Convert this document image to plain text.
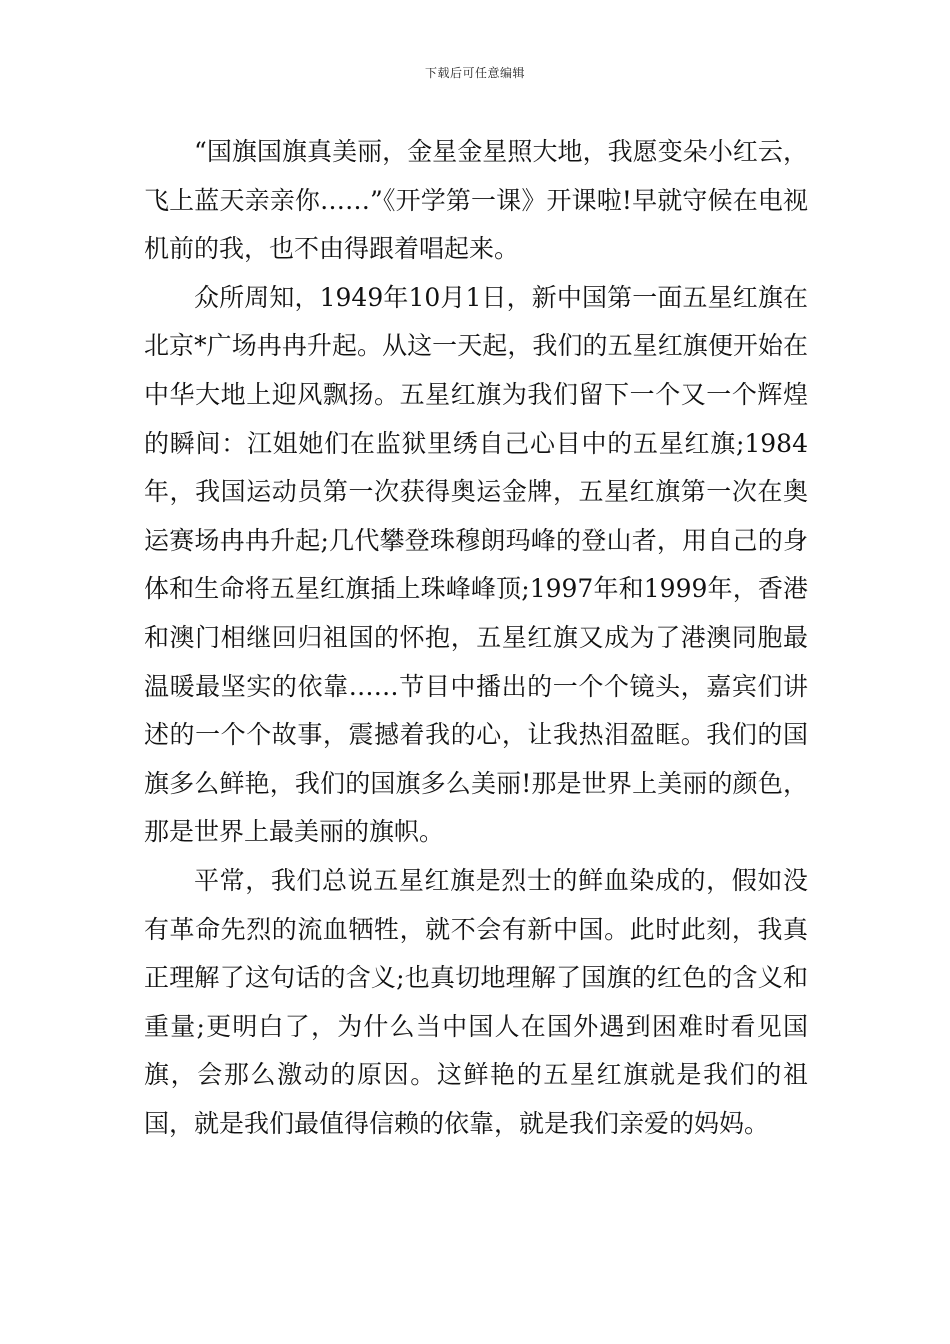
下载后可任意编辑

“国旗国旗真美丽，金星金星照大地，我愿变朵小红云，飞上蓝天亲亲你……”《开学第一课》开课啦!早就守候在电视机前的我，也不由得跟着唱起来。

众所周知，1949年10月1日，新中国第一面五星红旗在北京*广场冉冉升起。从这一天起，我们的五星红旗便开始在中华大地上迎风飘扬。五星红旗为我们留下一个又一个辉煌的瞬间：江姐她们在监狱里绣自己心目中的五星红旗;1984年，我国运动员第一次获得奥运金牌，五星红旗第一次在奥运赛场冉冉升起;几代攀登珠穆朗玛峰的登山者，用自己的身体和生命将五星红旗插上珠峰峰顶;1997年和1999年，香港和澳门相继回归祖国的怀抱，五星红旗又成为了港澳同胞最温暖最坚实的依靠……节目中播出的一个个镜头，嘉宾们讲述的一个个故事，震撼着我的心，让我热泪盈眶。我们的国旗多么鲜艳，我们的国旗多么美丽!那是世界上美丽的颜色，那是世界上最美丽的旗帜。

平常，我们总说五星红旗是烈士的鲜血染成的，假如没有革命先烈的流血牺牲，就不会有新中国。此时此刻，我真正理解了这句话的含义;也真切地理解了国旗的红色的含义和重量;更明白了，为什么当中国人在国外遇到困难时看见国旗，会那么激动的原因。这鲜艳的五星红旗就是我们的祖国，就是我们最值得信赖的依靠，就是我们亲爱的妈妈。
